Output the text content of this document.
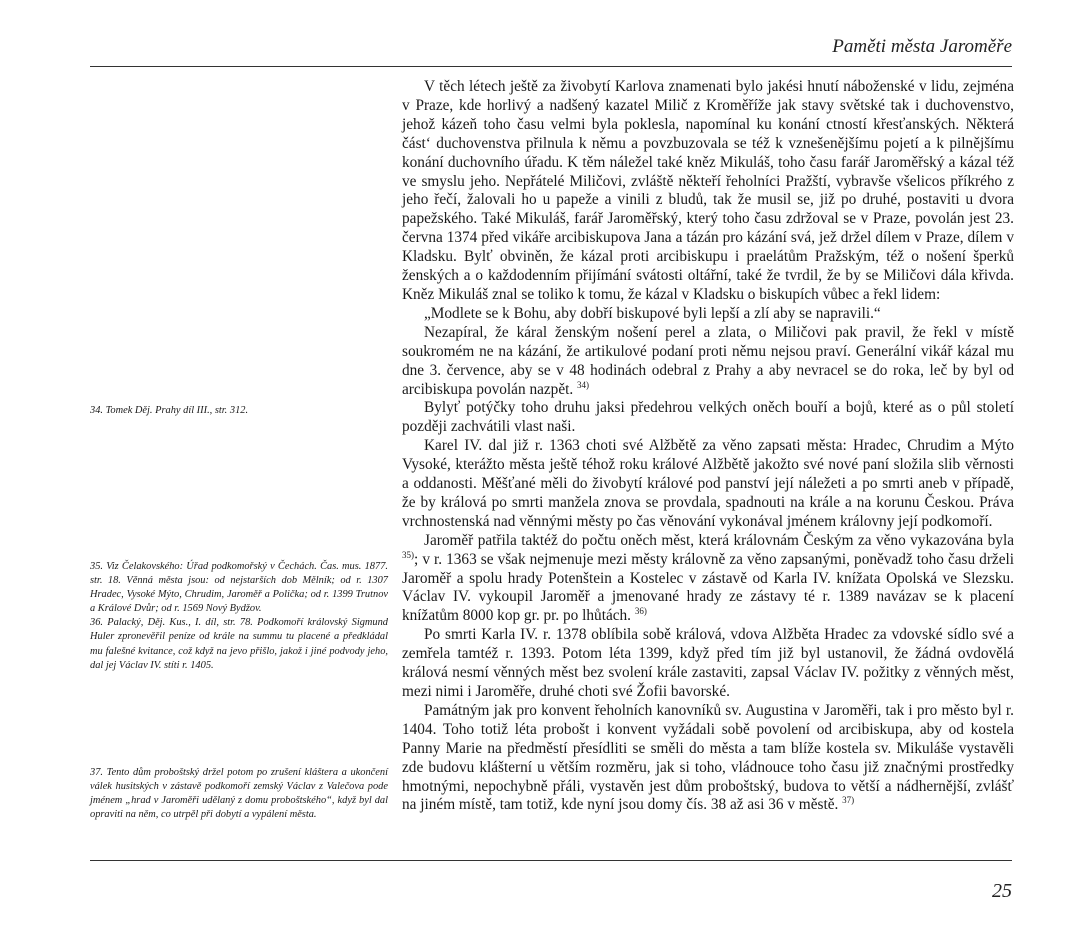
Paměti města Jaroměře

V těch létech ještě za živobytí Karlova znamenati bylo jakési hnutí náboženské v lidu, zejména v Praze, kde horlivý a nadšený kazatel Milič z Kroměříže jak stavy světské tak i duchovenstvo, jehož kázeň toho času velmi byla poklesla, napomínal ku konání ctností křesťanských. Některá část‘ duchovenstva přilnula k němu a povzbuzovala se též k vznešenějšímu pojetí a k pilnějšímu konání duchovního úřadu. K těm náležel také kněz Mikuláš, toho času farář Jaroměřský a kázal též ve smyslu jeho. Nepřátelé Miličovi, zvláště někteří řeholníci Pražští, vybravše všelicos příkrého z jeho řečí, žalovali ho u papeže a vinili z bludů, tak že musil se, již po druhé, postaviti u dvora papežského. Také Mikuláš, farář Jaroměřský, který toho času zdržoval se v Praze, povolán jest 23. června 1374 před vikáře arcibiskupova Jana a tázán pro kázání svá, jež držel dílem v Praze, dílem v Kladsku. Bylť obviněn, že kázal proti arcibiskupu i praelátům Pražským, též o nošení šperků ženských a o každodenním přijímání svátosti oltářní, také že tvrdil, že by se Miličovi dála křivda. Kněz Mikuláš znal se toliko k tomu, že kázal v Kladsku o biskupích vůbec a řekl lidem:

„Modlete se k Bohu, aby dobří biskupové byli lepší a zlí aby se napravili.“

Nezapíral, že káral ženským nošení perel a zlata, o Miličovi pak pravil, že řekl v místě soukromém ne na kázání, že artikulové podaní proti němu nejsou praví. Generální vikář kázal mu dne 3. července, aby se v 48 hodinách odebral z Prahy a aby nevracel se do roka, leč by byl od arcibiskupa povolán nazpět. $^{34)}$

Bylyť potýčky toho druhu jaksi předehrou velkých oněch bouří a bojů, které as o půl století později zachvátili vlast naši.

Karel IV. dal již r. 1363 choti své Alžbětě za věno zapsati města: Hradec, Chrudim a Mýto Vysoké, kterážto města ještě téhož roku králové Alžbětě jakožto své nové paní složila slib věrnosti a oddanosti. Měšťané měli do živobytí králové pod panství její náležeti a po smrti aneb v případě, že by králová po smrti manžela znova se provdala, spadnouti na krále a na korunu Českou. Práva vrchnostenská nad věnnými městy po čas věnování vykonával jménem královny její podkomoří.

Jaroměř patřila taktéž do počtu oněch měst, která královnám Českým za věno vykazována byla $^{35)}$; v r. 1363 se však nejmenuje mezi městy královně za věno zapsanými, poněvadž toho času drželi Jaroměř a spolu hrady Potenštein a Kostelec v zástavě od Karla IV. knížata Opolská ve Slezsku. Václav IV. vykoupil Jaroměř a jmenované hrady ze zástavy té r. 1389 navázav se k placení knížatům 8000 kop gr. pr. po lhůtách. $^{36)}$

Po smrti Karla IV. r. 1378 oblíbila sobě králová, vdova Alžběta Hradec za vdovské sídlo své a zemřela tamtéž r. 1393. Potom léta 1399, když před tím již byl ustanovil, že žádná ovdovělá králová nesmí věnných měst bez svolení krále zastaviti, zapsal Václav IV. požitky z věnných měst, mezi nimi i Jaroměře, druhé choti své Žofii bavorské.

Památným jak pro konvent řeholních kanovníků sv. Augustina v Jaroměři, tak i pro město byl r. 1404. Toho totiž léta probošt i konvent vyžádali sobě povolení od arcibiskupa, aby od kostela Panny Marie na předměstí přesídliti se směli do města a tam blíže kostela sv. Mikuláše vystavěli zde budovu klášterní u větším rozměru, jak si toho, vládnouce toho času již značnými prostředky hmotnými, nepochybně přáli, vystavěn jest dům proboštský, budova to větší a nádhernější, zvlášť na jiném místě, tam totiž, kde nyní jsou domy čís. 38 až asi 36 v městě. $^{37)}$

34. Tomek Děj. Prahy díl III., str. 312.

35. Viz Čelakovského: Úřad podkomořský v Čechách. Čas. mus. 1877. str. 18. Věnná města jsou: od nejstarších dob Mělník; od r. 1307 Hradec, Vysoké Mýto, Chrudim, Jaroměř a Polička; od r. 1399 Trutnov a Králové Dvůr; od r. 1569 Nový Bydžov.

36. Palacký, Děj. Kus., I. díl, str. 78. Podkomoří královský Sigmund Huler zpronevěřil peníze od krále na summu tu placené a předkládal mu falešné kvitance, což když na jevo přišlo, jakož i jiné podvody jeho, dal jej Václav IV. stíti r. 1405.

37. Tento dům proboštský držel potom po zrušení kláštera a ukončení válek husitských v zástavě podkomoří zemský Václav z Valečova pode jménem „hrad v Jaroměři udělaný z domu proboštského“, když byl dal opraviti na něm, co utrpěl při dobytí a vypálení města.

25
